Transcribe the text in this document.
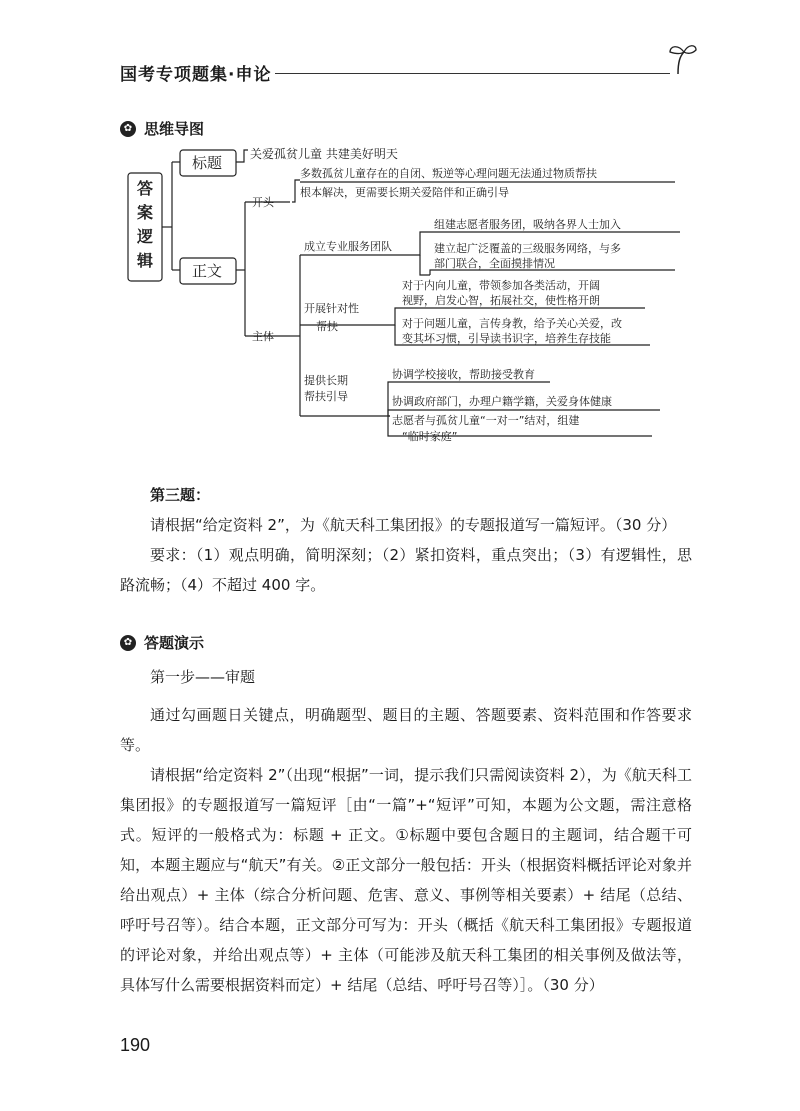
国考专项题集·申论
✿ 思维导图
答 案 逻 辑
标题
正文
关爱孤贫儿童 共建美好明天
开头
多数孤贫儿童存在的自闭、叛逆等心理问题无法通过物质帮扶
根本解决，更需要长期关爱陪伴和正确引导
主体
成立专业服务团队
组建志愿者服务团，吸纳各界人士加入
建立起广泛覆盖的三级服务网络，与多
部门联合，全面摸排情况
开展针对性
帮扶
对于内向儿童，带领参加各类活动，开阔
视野，启发心智，拓展社交，使性格开朗
对于问题儿童，言传身教，给予关心关爱，改
变其坏习惯，引导读书识字，培养生存技能
提供长期
帮扶引导
协调学校接收，帮助接受教育
协调政府部门，办理户籍学籍，关爱身体健康
志愿者与孤贫儿童“一对一”结对，组建
“临时家庭”

第三题：

请根据“给定资料 2”，为《航天科工集团报》的专题报道写一篇短评。（30 分）

要求：（1）观点明确，简明深刻；（2）紧扣资料，重点突出；（3）有逻辑性，思路流畅；（4）不超过 400 字。

✿ 答题演示

第一步——审题

通过勾画题日关键点，明确题型、题目的主题、答题要素、资料范围和作答要求等。

请根据“给定资料 2”（出现“根据”一词，提示我们只需阅读资料 2），为《航天科工集团报》的专题报道写一篇短评［由“一篇”+“短评”可知，本题为公文题，需注意格式。短评的一般格式为：标题 + 正文。①标题中要包含题日的主题词，结合题干可知，本题主题应与“航天”有关。②正文部分一般包括：开头（根据资料概括评论对象并给出观点）+ 主体（综合分析问题、危害、意义、事例等相关要素）+ 结尾（总结、呼吁号召等）。结合本题，正文部分可写为：开头（概括《航天科工集团报》专题报道的评论对象，并给出观点等）+ 主体（可能涉及航天科工集团的相关事例及做法等，具体写什么需要根据资料而定）+ 结尾（总结、呼吁号召等）］。（30 分）

190
